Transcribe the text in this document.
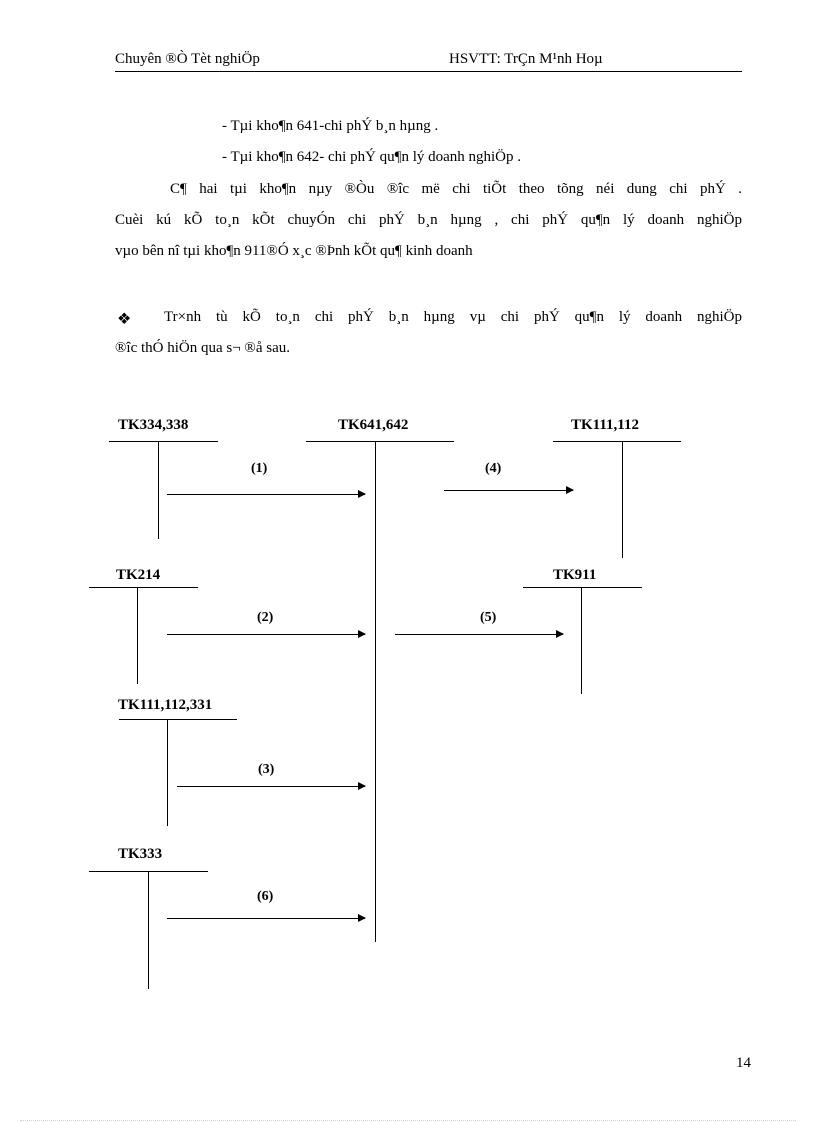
Chuyên ®Ò Tèt nghiÖp	HSVTT: TrÇn M¹nh Hoµ
- Tµi kho¶n 641-chi phÝ b¸n hµng .
- Tµi kho¶n 642- chi phÝ qu¶n lý doanh nghiÖp .
C¶ hai tµi kho¶n nµy ®Òu ®îc më chi tiÕt theo tõng néi dung chi phÝ .
Cuèi kú kÕ to¸n kÕt chuyÓn chi phÝ b¸n hµng , chi phÝ qu¶n lý doanh nghiÖp
vµo bên nî tµi kho¶n 911®Ó x¸c ®Þnh kÕt qu¶ kinh doanh
❖ Tr×nh tù kÕ to¸n chi phÝ b¸n hµng vµ chi phÝ qu¶n lý doanh nghiÖp
®îc thÓ hiÖn qua s¬ ®å sau.
TK334,338	TK641,642	TK111,112
TK214	TK911
TK111,112,331
TK333
(1)	(4)
(2)	(5)
(3)
(6)
14
